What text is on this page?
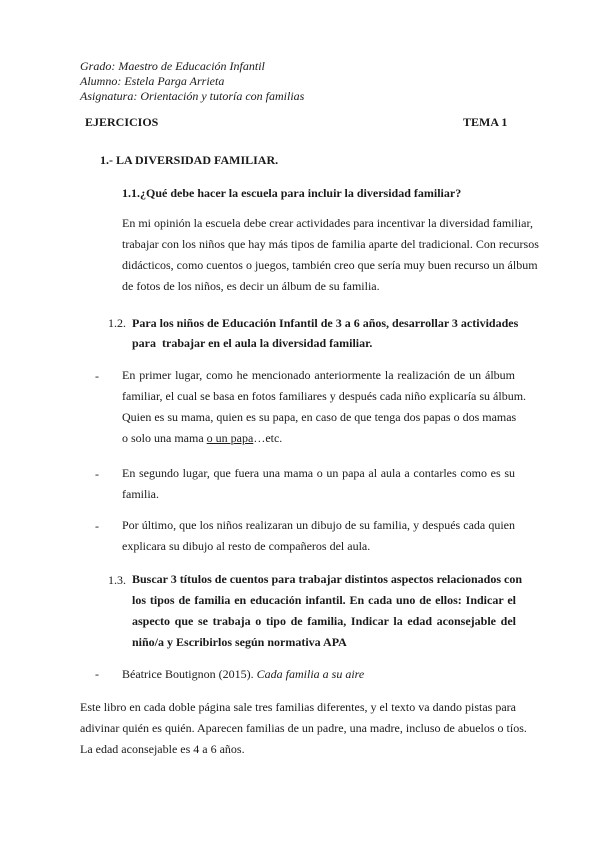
Grado: Maestro de Educación Infantil
Alumno: Estela Parga Arrieta
Asignatura: Orientación y tutoría con familias
EJERCICIOS	TEMA 1
1.- LA DIVERSIDAD FAMILIAR.
1.1.¿Qué debe hacer la escuela para incluir la diversidad familiar?
En mi opinión la escuela debe crear actividades para incentivar la diversidad familiar,
trabajar con los niños que hay más tipos de familia aparte del tradicional. Con recursos
didácticos, como cuentos o juegos, también creo que sería muy buen recurso un álbum
de fotos de los niños, es decir un álbum de su familia.
1.2. Para los niños de Educación Infantil de 3 a 6 años, desarrollar 3 actividades
para  trabajar en el aula la diversidad familiar.
- En primer lugar, como he mencionado anteriormente la realización de un álbum
familiar, el cual se basa en fotos familiares y después cada niño explicaría su álbum.
Quien es su mama, quien es su papa, en caso de que tenga dos papas o dos mamas
o solo una mama o un papa…etc.
- En segundo lugar, que fuera una mama o un papa al aula a contarles como es su
familia.
- Por último, que los niños realizaran un dibujo de su familia, y después cada quien
explicara su dibujo al resto de compañeros del aula.
1.3. Buscar 3 títulos de cuentos para trabajar distintos aspectos relacionados con
los tipos de familia en educación infantil. En cada uno de ellos: Indicar el
aspecto que se trabaja o tipo de familia, Indicar la edad aconsejable del
niño/a y Escribirlos según normativa APA
- Béatrice Boutignon (2015). Cada familia a su aire
Este libro en cada doble página sale tres familias diferentes, y el texto va dando pistas para
adivinar quién es quién. Aparecen familias de un padre, una madre, incluso de abuelos o tíos.
La edad aconsejable es 4 a 6 años.
